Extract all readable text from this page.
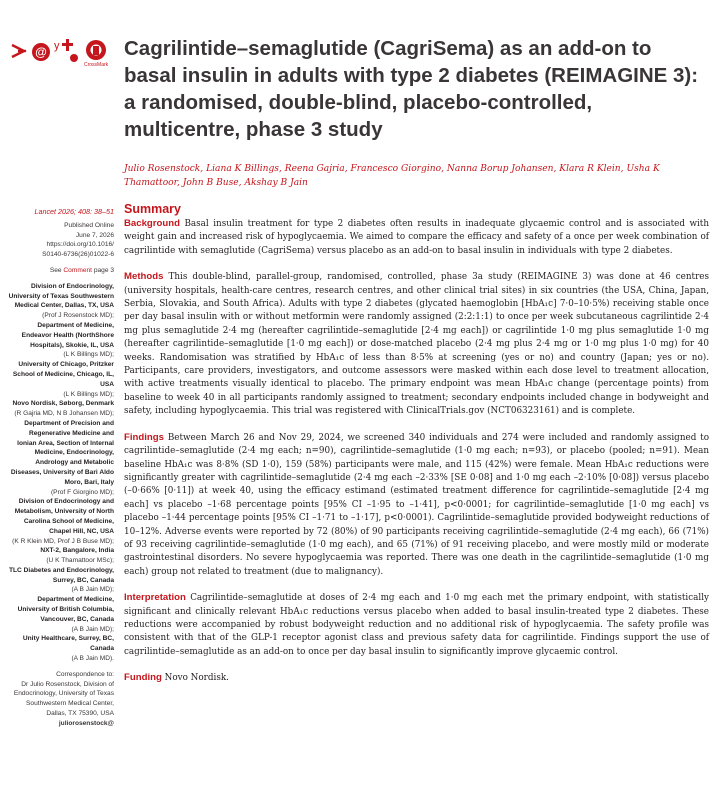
@ y
CrossMark
Cagrilintide–semaglutide (CagriSema) as an add-on to basal insulin in adults with type 2 diabetes (REIMAGINE 3): a randomised, double-blind, placebo-controlled, multicentre, phase 3 study
Julio Rosenstock, Liana K Billings, Reena Gajria, Francesco Giorgino, Nanna Borup Johansen, Klara R Klein, Usha K Thamattoor, John B Buse, Akshay B Jain
Lancet 2026; 408: 38–51
Published Online
June 7, 2026
https://doi.org/10.1016/
S0140-6736(26)01022-6
See Comment page 3
Division of Endocrinology, University of Texas Southwestern Medical Center, Dallas, TX, USA
(Prof J Rosenstock MD);
Department of Medicine, Endeavor Health (NorthShore Hospitals), Skokie, IL, USA
(L K Billings MD);
University of Chicago, Pritzker School of Medicine, Chicago, IL, USA
(L K Billings MD);
Novo Nordisk, Søborg, Denmark
(R Gajria MD, N B Johansen MD);
Department of Precision and Regenerative Medicine and Ionian Area, Section of Internal Medicine, Endocrinology, Andrology and Metabolic Diseases, University of Bari Aldo Moro, Bari, Italy
(Prof F Giorgino MD);
Division of Endocrinology and Metabolism, University of North Carolina School of Medicine, Chapel Hill, NC, USA
(K R Klein MD, Prof J B Buse MD);
NXT-2, Bangalore, India
(U K Thamattoor MSc);
TLC Diabetes and Endocrinology, Surrey, BC, Canada
(A B Jain MD);
Department of Medicine, University of British Columbia, Vancouver, BC, Canada
(A B Jain MD);
Unity Healthcare, Surrey, BC, Canada
(A B Jain MD).
Correspondence to:
Dr Julio Rosenstock, Division of Endocrinology, University of Texas Southwestern Medical Center, Dallas, TX 75390, USA
juliorosenstock@
Summary

Background Basal insulin treatment for type 2 diabetes often results in inadequate glycaemic control and is associated with weight gain and increased risk of hypoglycaemia. We aimed to compare the efficacy and safety of a once per week combination of cagrilintide with semaglutide (CagriSema) versus placebo as an add-on to basal insulin in individuals with type 2 diabetes.

Methods This double-blind, parallel-group, randomised, controlled, phase 3a study (REIMAGINE 3) was done at 46 centres (university hospitals, health-care centres, research centres, and other clinical trial sites) in six countries (the USA, China, Japan, Serbia, Slovakia, and South Africa). Adults with type 2 diabetes (glycated haemoglobin [HbA₁c] 7·0–10·5%) receiving stable once per day basal insulin with or without metformin were randomly assigned (2:2:1:1) to once per week subcutaneous cagrilintide 2·4 mg plus semaglutide 2·4 mg (hereafter cagrilintide–semaglutide [2·4 mg each]) or cagrilintide 1·0 mg plus semaglutide 1·0 mg (hereafter cagrilintide–semaglutide [1·0 mg each]) or dose-matched placebo (2·4 mg plus 2·4 mg or 1·0 mg plus 1·0 mg) for 40 weeks. Randomisation was stratified by HbA₁c of less than 8·5% at screening (yes or no) and country (Japan; yes or no). Participants, care providers, investigators, and outcome assessors were masked within each dose level to treatment allocation, with active treatments visually identical to placebo. The primary endpoint was mean HbA₁c change (percentage points) from baseline to week 40 in all participants randomly assigned to treatment; secondary endpoints included change in bodyweight and safety, including hypoglycaemia. This trial was registered with ClinicalTrials.gov (NCT06323161) and is complete.

Findings Between March 26 and Nov 29, 2024, we screened 340 individuals and 274 were included and randomly assigned to cagrilintide–semaglutide (2·4 mg each; n=90), cagrilintide–semaglutide (1·0 mg each; n=93), or placebo (pooled; n=91). Mean baseline HbA₁c was 8·8% (SD 1·0), 159 (58%) participants were male, and 115 (42%) were female. Mean HbA₁c reductions were significantly greater with cagrilintide–semaglutide (2·4 mg each –2·33% [SE 0·08] and 1·0 mg each –2·10% [0·08]) versus placebo (–0·66% [0·11]) at week 40, using the efficacy estimand (estimated treatment difference for cagrilintide–semaglutide [2·4 mg each] vs placebo –1·68 percentage points [95% CI –1·95 to –1·41], p<0·0001; for cagrilintide–semaglutide [1·0 mg each] vs placebo –1·44 percentage points [95% CI –1·71 to –1·17], p<0·0001). Cagrilintide–semaglutide provided bodyweight reductions of 10–12%. Adverse events were reported by 72 (80%) of 90 participants receiving cagrilintide–semaglutide (2·4 mg each), 66 (71%) of 93 receiving cagrilintide–semaglutide (1·0 mg each), and 65 (71%) of 91 receiving placebo, and were mostly mild or moderate gastrointestinal disorders. No severe hypoglycaemia was reported. There was one death in the cagrilintide–semaglutide (1·0 mg each) group not related to treatment (due to malignancy).

Interpretation Cagrilintide–semaglutide at doses of 2·4 mg each and 1·0 mg each met the primary endpoint, with statistically significant and clinically relevant HbA₁c reductions versus placebo when added to basal insulin-treated type 2 diabetes. These reductions were accompanied by robust bodyweight reduction and no additional risk of hypoglycaemia. The safety profile was consistent with that of the GLP-1 receptor agonist class and previous safety data for cagrilintide. Findings support the use of cagrilintide–semaglutide as an add-on to once per day basal insulin to significantly improve glycaemic control.

Funding Novo Nordisk.
